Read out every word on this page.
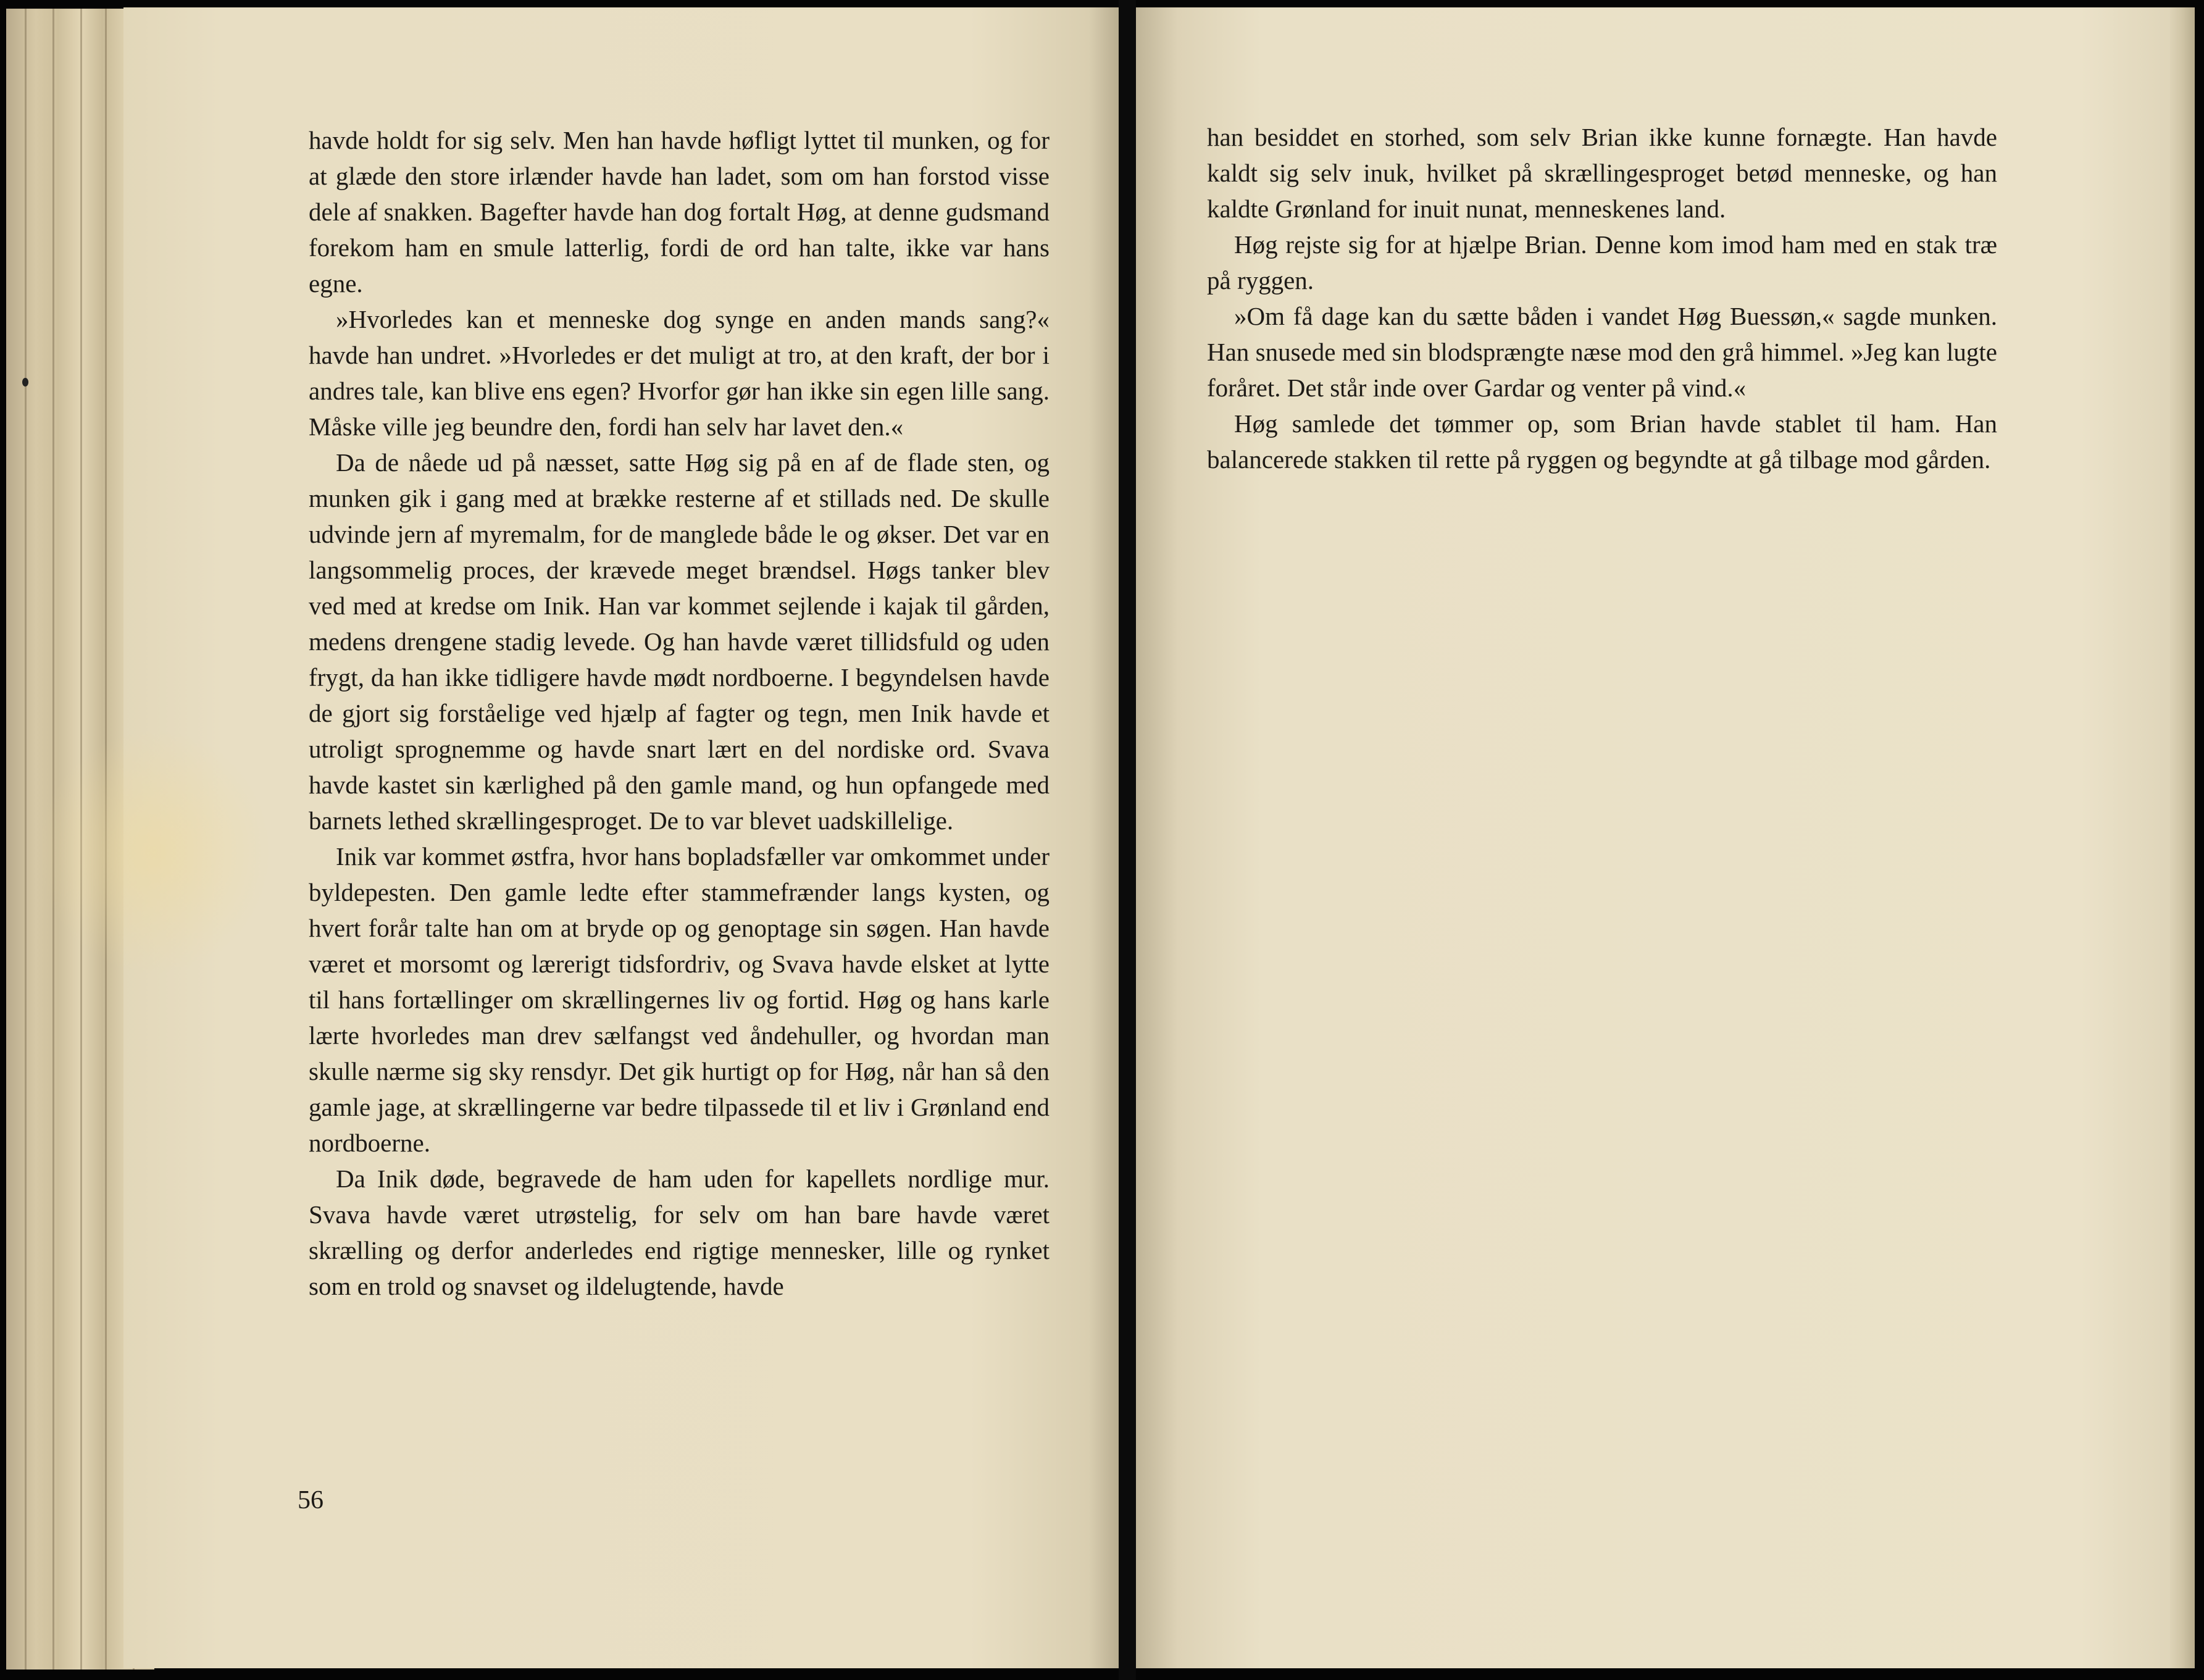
havde holdt for sig selv. Men han havde høfligt lyttet til munken, og for at glæde den store irlænder havde han ladet, som om han forstod visse dele af snakken. Bagefter havde han dog fortalt Høg, at denne gudsmand forekom ham en smule latterlig, fordi de ord han talte, ikke var hans egne.

»Hvorledes kan et menneske dog synge en anden mands sang?« havde han undret. »Hvorledes er det muligt at tro, at den kraft, der bor i andres tale, kan blive ens egen? Hvorfor gør han ikke sin egen lille sang. Måske ville jeg beundre den, fordi han selv har lavet den.«

Da de nåede ud på næsset, satte Høg sig på en af de flade sten, og munken gik i gang med at brække resterne af et stillads ned. De skulle udvinde jern af myremalm, for de manglede både le og økser. Det var en langsommelig proces, der krævede meget brændsel. Høgs tanker blev ved med at kredse om Inik. Han var kommet sejlende i kajak til gården, medens drengene stadig levede. Og han havde været tillidsfuld og uden frygt, da han ikke tidligere havde mødt nordboerne. I begyndelsen havde de gjort sig forståelige ved hjælp af fagter og tegn, men Inik havde et utroligt sprognemme og havde snart lært en del nordiske ord. Svava havde kastet sin kærlighed på den gamle mand, og hun opfangede med barnets lethed skrællingesproget. De to var blevet uadskillelige.

Inik var kommet østfra, hvor hans bopladsfæller var omkommet under byldepesten. Den gamle ledte efter stammefrænder langs kysten, og hvert forår talte han om at bryde op og genoptage sin søgen. Han havde været et morsomt og lærerigt tidsfordriv, og Svava havde elsket at lytte til hans fortællinger om skrællingernes liv og fortid. Høg og hans karle lærte hvorledes man drev sælfangst ved åndehuller, og hvordan man skulle nærme sig sky rensdyr. Det gik hurtigt op for Høg, når han så den gamle jage, at skrællingerne var bedre tilpassede til et liv i Grønland end nordboerne.

Da Inik døde, begravede de ham uden for kapellets nordlige mur. Svava havde været utrøstelig, for selv om han bare havde været skrælling og derfor anderledes end rigtige mennesker, lille og rynket som en trold og snavset og ildelugtende, havde

56

han besiddet en storhed, som selv Brian ikke kunne fornægte. Han havde kaldt sig selv inuk, hvilket på skrællingesproget betød menneske, og han kaldte Grønland for inuit nunat, menneskenes land.

Høg rejste sig for at hjælpe Brian. Denne kom imod ham med en stak træ på ryggen.

»Om få dage kan du sætte båden i vandet Høg Buessøn,« sagde munken. Han snusede med sin blodsprængte næse mod den grå himmel. »Jeg kan lugte foråret. Det står inde over Gardar og venter på vind.«

Høg samlede det tømmer op, som Brian havde stablet til ham. Han balancerede stakken til rette på ryggen og begyndte at gå tilbage mod gården.
